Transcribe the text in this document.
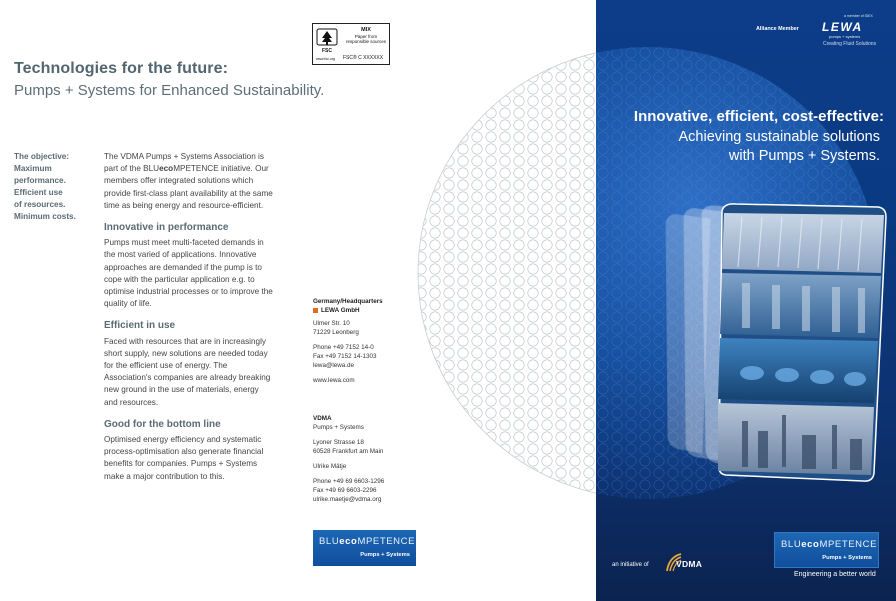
Technologies for the future:
Pumps + Systems for Enhanced Sustainability.
The objective:
Maximum
performance.
Efficient use
of resources.
Minimum costs.

The VDMA Pumps + Systems Association is part of the BLUecoMPETENCE initiative. Our members offer integrated solutions which provide first-class plant availability at the same time as being energy and resource-efficient.

Innovative in performance

Pumps must meet multi-faceted demands in the most varied of applications. Innovative approaches are demanded if the pump is to cope with the particular application e.g. to optimise industrial processes or to improve the quality of life.

Efficient in use

Faced with resources that are in increasingly short supply, new solutions are needed today for the efficient use of energy. The Association's companies are already breaking new ground in the use of materials, energy and resources.

Good for the bottom line

Optimised energy efficiency and systematic process-optimisation also generate financial benefits for companies. Pumps + Systems make a major contribution to this.

FSC
MIX
Paper from
responsible sources
www.fsc.org FSC® C XXXXXX
Germany/Headquarters
LEWA GmbH
Ulmer Str. 10
71229 Leonberg
Phone +49 7152 14-0
Fax +49 7152 14-1303
lewa@lewa.de
www.lewa.com
VDMA
Pumps + Systems
Lyoner Strasse 18
60528 Frankfurt am Main
Ulrike Mätje
Phone +49 69 6603-1296
Fax +49 69 6603-2296
ulrike.maetje@vdma.org
BLUecoMPETENCE
Pumps + Systems
a member of IDEX
Alliance Member LEWA
pumps + systems
Creating Fluid Solutions
Innovative, efficient, cost-effective:
Achieving sustainable solutions
with Pumps + Systems.
an initiative of	VDMA
Engineering a better world
BLUecoMPETENCE
Pumps + Systems
